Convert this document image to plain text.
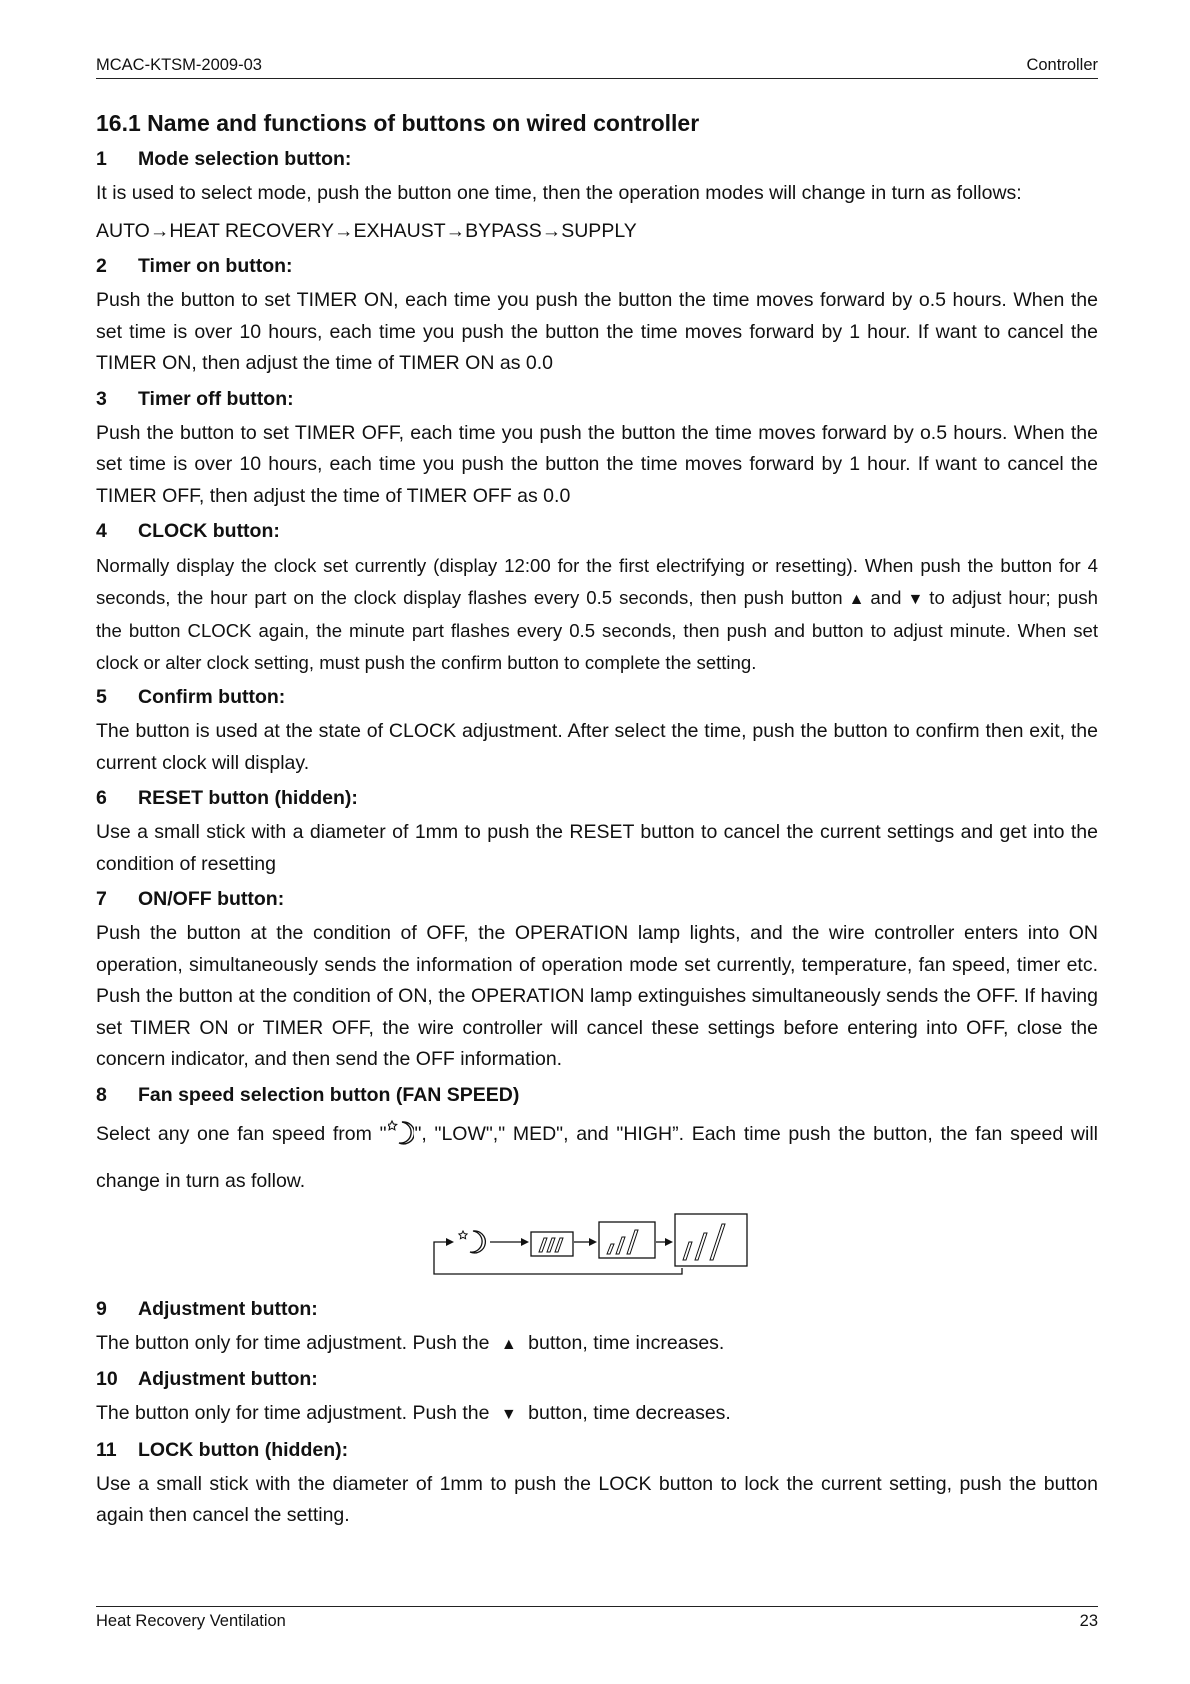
MCAC-KTSM-2009-03	Controller
16.1 Name and functions of buttons on wired controller
1	Mode selection button:

It is used to select mode, push the button one time, then the operation modes will change in turn as follows:

AUTO→HEAT RECOVERY→EXHAUST→BYPASS→SUPPLY

2	Timer on button:

Push the button to set TIMER ON, each time you push the button the time moves forward by o.5 hours. When the set time is over 10 hours, each time you push the button the time moves forward by 1 hour. If want to cancel the TIMER ON, then adjust the time of TIMER ON as 0.0

3	Timer off button:

Push the button to set TIMER OFF, each time you push the button the time moves forward by o.5 hours. When the set time is over 10 hours, each time you push the button the time moves forward by 1 hour. If want to cancel the TIMER OFF, then adjust the time of TIMER OFF as 0.0

4	CLOCK button:

Normally display the clock set currently (display 12:00 for the first electrifying or resetting). When push the button for 4 seconds, the hour part on the clock display flashes every 0.5 seconds, then push button ▲ and ▼ to adjust hour; push the button CLOCK again, the minute part flashes every 0.5 seconds, then push and button to adjust minute. When set clock or alter clock setting, must push the confirm button to complete the setting.

5	Confirm button:

The button is used at the state of CLOCK adjustment. After select the time, push the button to confirm then exit, the current clock will display.

6	RESET button (hidden):

Use a small stick with a diameter of 1mm to push the RESET button to cancel the current settings and get into the condition of resetting

7	ON/OFF button:

Push the button at the condition of OFF, the OPERATION lamp lights, and the wire controller enters into ON operation, simultaneously sends the information of operation mode set currently, temperature, fan speed, timer etc. Push the button at the condition of ON, the OPERATION lamp extinguishes simultaneously sends the OFF. If having set TIMER ON or TIMER OFF, the wire controller will cancel these settings before entering into OFF, close the concern indicator, and then send the OFF information.

8	Fan speed selection button (FAN SPEED)

Select any one fan speed from " ", "LOW"," MED", and "HIGH”. Each time push the button, the fan speed will change in turn as follow.

9	Adjustment button:

The button only for time adjustment. Push the ▲ button, time increases.

10	Adjustment button:

The button only for time adjustment. Push the ▼ button, time decreases.

11	LOCK button (hidden):

Use a small stick with the diameter of 1mm to push the LOCK button to lock the current setting, push the button again then cancel the setting.

Heat Recovery Ventilation	23
